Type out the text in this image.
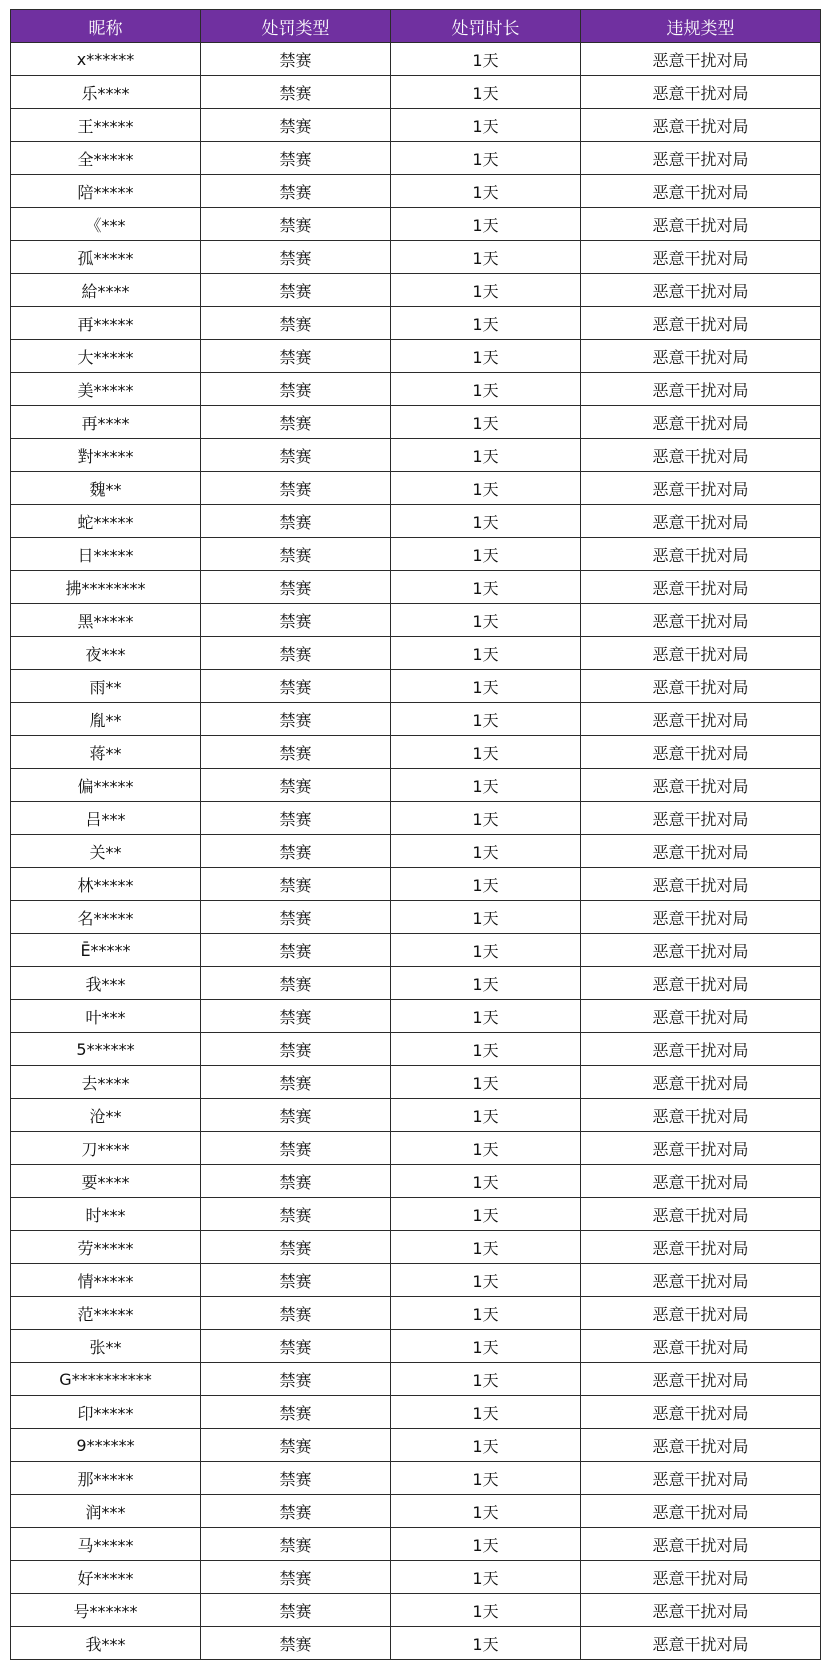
昵称	处罚类型	处罚时长	违规类型
x******	禁赛	1天	恶意干扰对局
乐****	禁赛	1天	恶意干扰对局
王*****	禁赛	1天	恶意干扰对局
全*****	禁赛	1天	恶意干扰对局
陪*****	禁赛	1天	恶意干扰对局
《***	禁赛	1天	恶意干扰对局
孤*****	禁赛	1天	恶意干扰对局
給****	禁赛	1天	恶意干扰对局
再*****	禁赛	1天	恶意干扰对局
大*****	禁赛	1天	恶意干扰对局
美*****	禁赛	1天	恶意干扰对局
再****	禁赛	1天	恶意干扰对局
對*****	禁赛	1天	恶意干扰对局
魏**	禁赛	1天	恶意干扰对局
蛇*****	禁赛	1天	恶意干扰对局
日*****	禁赛	1天	恶意干扰对局
拂********	禁赛	1天	恶意干扰对局
黑*****	禁赛	1天	恶意干扰对局
夜***	禁赛	1天	恶意干扰对局
雨**	禁赛	1天	恶意干扰对局
胤**	禁赛	1天	恶意干扰对局
蒋**	禁赛	1天	恶意干扰对局
偏*****	禁赛	1天	恶意干扰对局
吕***	禁赛	1天	恶意干扰对局
关**	禁赛	1天	恶意干扰对局
林*****	禁赛	1天	恶意干扰对局
名*****	禁赛	1天	恶意干扰对局
Ē*****	禁赛	1天	恶意干扰对局
我***	禁赛	1天	恶意干扰对局
叶***	禁赛	1天	恶意干扰对局
5******	禁赛	1天	恶意干扰对局
去****	禁赛	1天	恶意干扰对局
沧**	禁赛	1天	恶意干扰对局
刀****	禁赛	1天	恶意干扰对局
要****	禁赛	1天	恶意干扰对局
时***	禁赛	1天	恶意干扰对局
劳*****	禁赛	1天	恶意干扰对局
情*****	禁赛	1天	恶意干扰对局
范*****	禁赛	1天	恶意干扰对局
张**	禁赛	1天	恶意干扰对局
G**********	禁赛	1天	恶意干扰对局
印*****	禁赛	1天	恶意干扰对局
9******	禁赛	1天	恶意干扰对局
那*****	禁赛	1天	恶意干扰对局
润***	禁赛	1天	恶意干扰对局
马*****	禁赛	1天	恶意干扰对局
好*****	禁赛	1天	恶意干扰对局
号******	禁赛	1天	恶意干扰对局
我***	禁赛	1天	恶意干扰对局
